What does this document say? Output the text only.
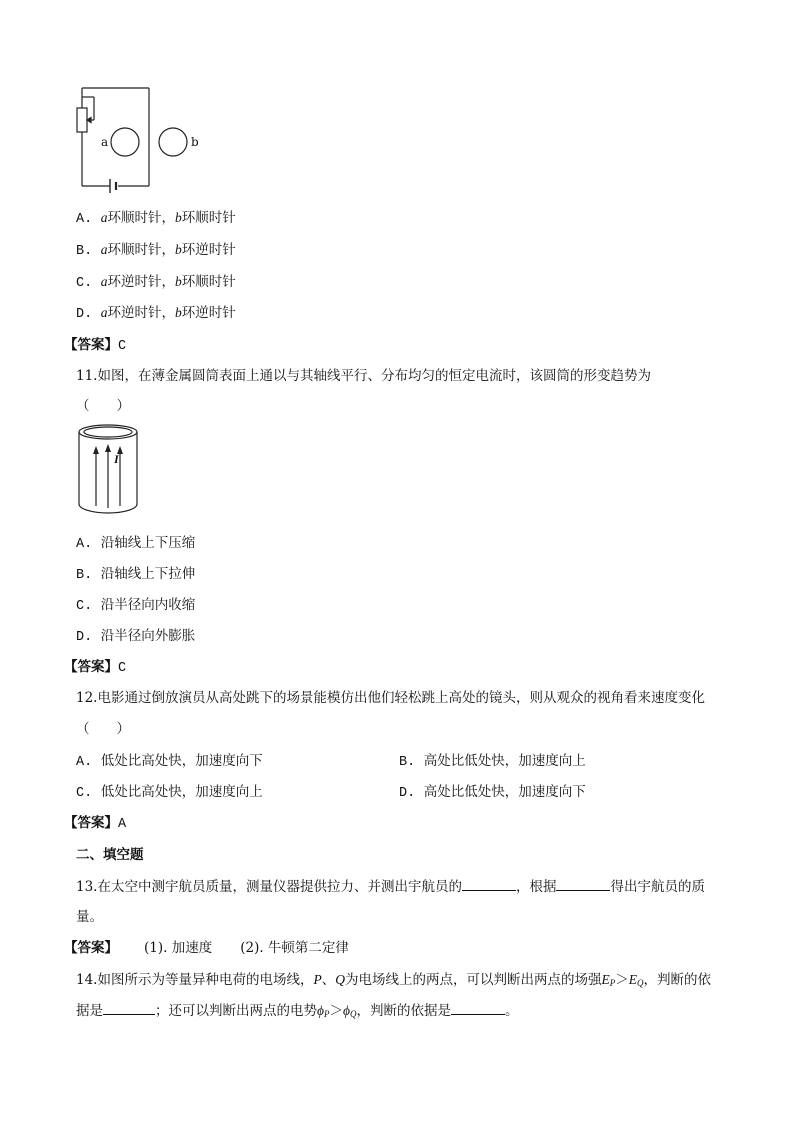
a	b
A. a环顺时针，b环顺时针
B. a环顺时针，b环逆时针
C. a环逆时针，b环顺时针
D. a环逆时针，b环逆时针
【答案】C
11.如图，在薄金属圆筒表面上通以与其轴线平行、分布均匀的恒定电流时，该圆筒的形变趋势为
（　　）
I
A. 沿轴线上下压缩
B. 沿轴线上下拉伸
C. 沿半径向内收缩
D. 沿半径向外膨胀
【答案】C
12.电影通过倒放演员从高处跳下的场景能模仿出他们轻松跳上高处的镜头，则从观众的视角看来速度变化
（　　）
A. 低处比高处快，加速度向下	B. 高处比低处快，加速度向上
C. 低处比高处快，加速度向上	D. 高处比低处快，加速度向下
【答案】A
二、填空题
13.在太空中测宇航员质量，测量仪器提供拉力、并测出宇航员的	，根据	得出宇航员的质
量。
【答案】 (1). 加速度 (2). 牛顿第二定律
14.如图所示为等量异种电荷的电场线，P、Q为电场线上的两点，可以判断出两点的场强$E_P>E_Q$，判断的依
据是	；还可以判断出两点的电势$\phi_P>\phi_Q$，判断的依据是	。
